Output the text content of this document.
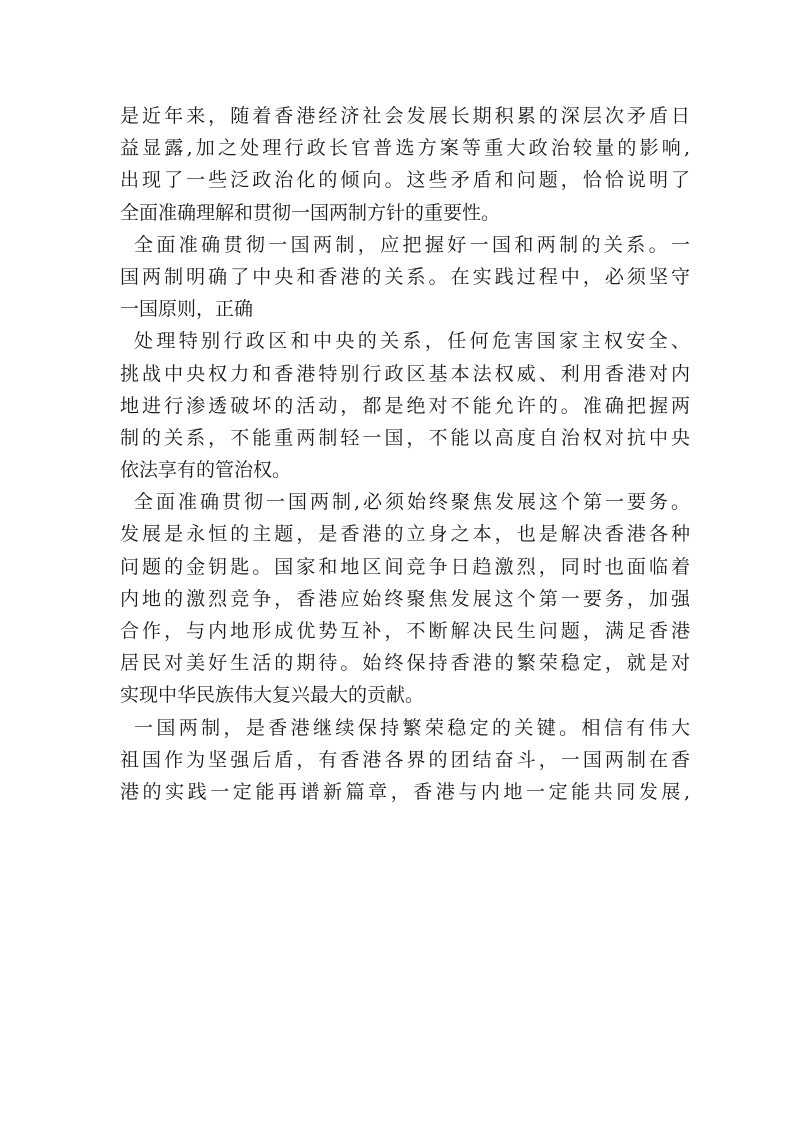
是近年来，随着香港经济社会发展长期积累的深层次矛盾日
益显露,加之处理行政长官普选方案等重大政治较量的影响,
出现了一些泛政治化的倾向。这些矛盾和问题，恰恰说明了
全面准确理解和贯彻一国两制方针的重要性。
全面准确贯彻一国两制，应把握好一国和两制的关系。一
国两制明确了中央和香港的关系。在实践过程中，必须坚守
一国原则，正确
处理特别行政区和中央的关系，任何危害国家主权安全、
挑战中央权力和香港特别行政区基本法权威、利用香港对内
地进行渗透破坏的活动，都是绝对不能允许的。准确把握两
制的关系，不能重两制轻一国，不能以高度自治权对抗中央
依法享有的管治权。
全面准确贯彻一国两制,必须始终聚焦发展这个第一要务。
发展是永恒的主题，是香港的立身之本，也是解决香港各种
问题的金钥匙。国家和地区间竞争日趋激烈，同时也面临着
内地的激烈竞争，香港应始终聚焦发展这个第一要务，加强
合作，与内地形成优势互补，不断解决民生问题，满足香港
居民对美好生活的期待。始终保持香港的繁荣稳定，就是对
实现中华民族伟大复兴最大的贡献。
一国两制，是香港继续保持繁荣稳定的关键。相信有伟大
祖国作为坚强后盾，有香港各界的团结奋斗，一国两制在香
港的实践一定能再谱新篇章，香港与内地一定能共同发展,
